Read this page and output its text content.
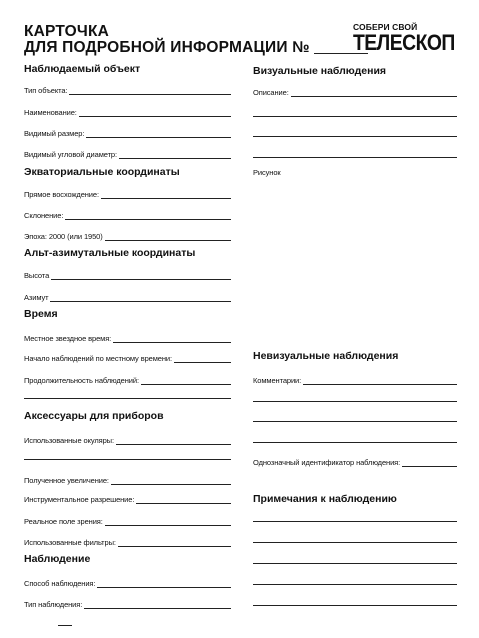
КАРТОЧКА
ДЛЯ ПОДРОБНОЙ ИНФОРМАЦИИ №
СОБЕРИ СВОЙ
ТЕЛЕСКОП
Наблюдаемый объект
Тип объекта:
Наименование:
Видимый размер:
Видимый угловой диаметр:
Экваториальные координаты
Прямое восхождение:
Склонение:
Эпоха: 2000 (или 1950)
Альт-азимутальные координаты
Высота
Азимут
Время
Местное звездное время:
Начало наблюдений по местному времени:
Продолжительность наблюдений:
Аксессуары для приборов
Использованные окуляры:
Полученное увеличение:
Инструментальное разрешение:
Реальное поле зрения:
Использованные фильтры:
Наблюдение
Способ наблюдения:
Тип наблюдения:
Визуальные наблюдения
Описание:
Рисунок
Невизуальные наблюдения
Комментарии:
Однозначный идентификатор наблюдения:
Примечания к наблюдению
